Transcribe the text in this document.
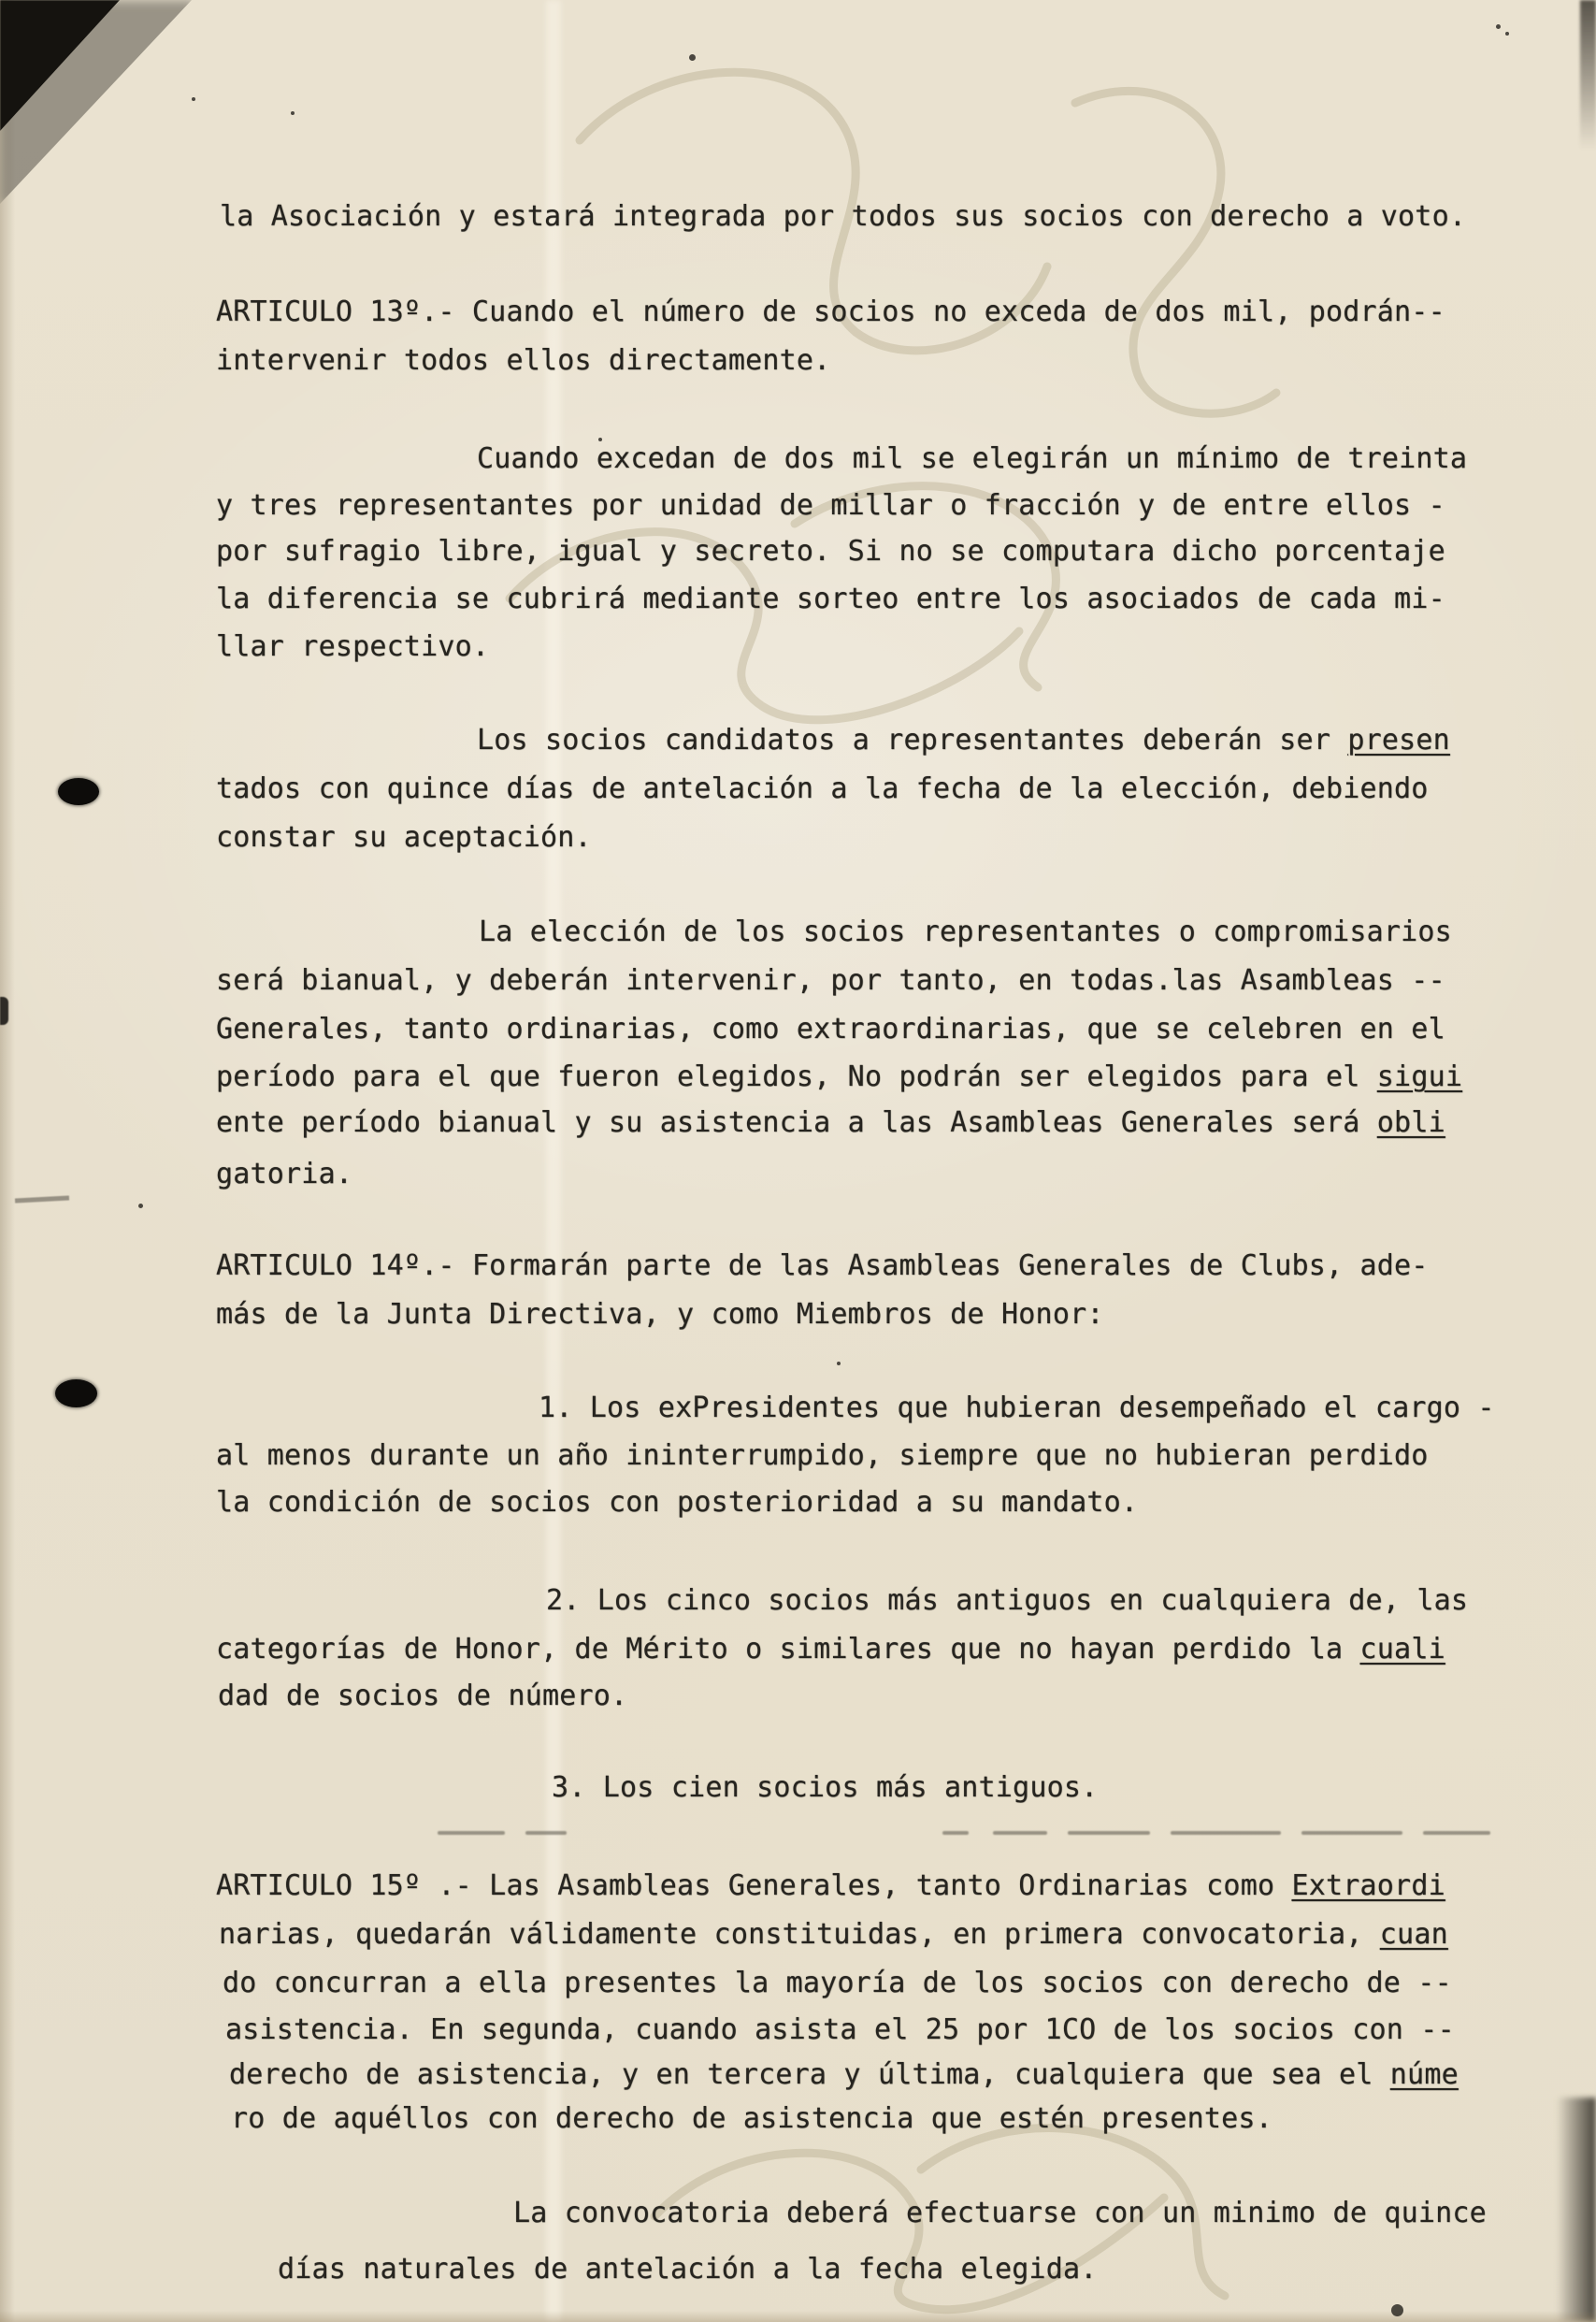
la Asociación y estará integrada por todos sus socios con derecho a voto.
ARTICULO 13º.- Cuando el número de socios no exceda de dos mil, podrán--
intervenir todos ellos directamente.
Cuando excedan de dos mil se elegirán un mínimo de treinta
y tres representantes por unidad de millar o fracción y de entre ellos -
por sufragio libre, igual y secreto. Si no se computara dicho porcentaje
la diferencia se cubrirá mediante sorteo entre los asociados de cada mi-
llar respectivo.
Los socios candidatos a representantes deberán ser presen
tados con quince días de antelación a la fecha de la elección, debiendo
constar su aceptación.
La elección de los socios representantes o compromisarios
será bianual, y deberán intervenir, por tanto, en todas.las Asambleas --
Generales, tanto ordinarias, como extraordinarias, que se celebren en el
período para el que fueron elegidos, No podrán ser elegidos para el sigui
ente período bianual y su asistencia a las Asambleas Generales será obli
gatoria.
ARTICULO 14º.- Formarán parte de las Asambleas Generales de Clubs, ade-
más de la Junta Directiva, y como Miembros de Honor:
1. Los exPresidentes que hubieran desempeñado el cargo -
al menos durante un año ininterrumpido, siempre que no hubieran perdido
la condición de socios con posterioridad a su mandato.
2. Los cinco socios más antiguos en cualquiera de, las
categorías de Honor, de Mérito o similares que no hayan perdido la cuali
dad de socios de número.
3. Los cien socios más antiguos.
ARTICULO 15º .- Las Asambleas Generales, tanto Ordinarias como Extraordi
narias, quedarán válidamente constituidas, en primera convocatoria, cuan
do concurran a ella presentes la mayoría de los socios con derecho de --
asistencia. En segunda, cuando asista el 25 por 1CO de los socios con --
derecho de asistencia, y en tercera y última, cualquiera que sea el núme
ro de aquéllos con derecho de asistencia que estén presentes.
La convocatoria deberá efectuarse con un minimo de quince
días naturales de antelación a la fecha elegida.
